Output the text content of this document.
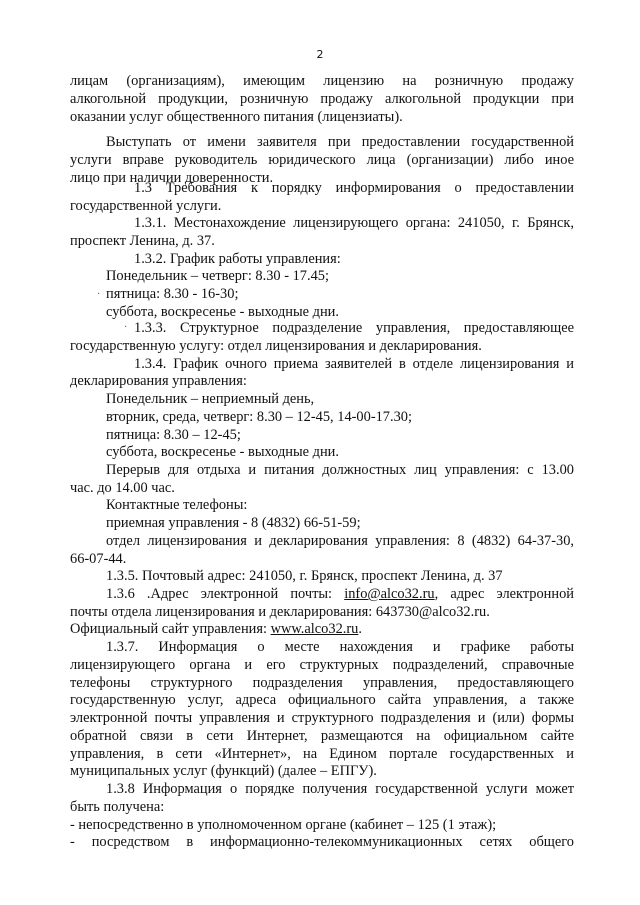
2

лицам (организациям), имеющим лицензию на розничную продажу

алкогольной продукции, розничную продажу алкогольной продукции при

оказании услуг общественного питания (лицензиаты).

Выступать от имени заявителя при предоставлении государственной

услуги вправе руководитель юридического лица (организации) либо иное

лицо при наличии доверенности.

1.3 Требования к порядку информирования о предоставлении

государственной услуги.

1.3.1. Местонахождение лицензирующего органа: 241050, г. Брянск,

проспект Ленина, д. 37.

1.3.2. График работы управления:

Понедельник – четверг: 8.30 - 17.45;

· пятница: 8.30 - 16-30;

суббота, воскресенье - выходные дни.

· 1.3.3. Структурное подразделение управления, предоставляющее

государственную услугу: отдел лицензирования и декларирования.

1.3.4. График очного приема заявителей в отделе лицензирования и

декларирования управления:

Понедельник – неприемный день,

вторник, среда, четверг: 8.30 – 12-45, 14-00-17.30;

пятница: 8.30 – 12-45;

суббота, воскресенье - выходные дни.

Перерыв для отдыха и питания должностных лиц управления: с 13.00

час. до 14.00 час.

Контактные телефоны:

приемная управления - 8 (4832) 66-51-59;

отдел лицензирования и декларирования управления: 8 (4832) 64-37-30,

66-07-44.

1.3.5. Почтовый адрес: 241050, г. Брянск, проспект Ленина, д. 37

1.3.6 .Адрес электронной почты: info@alco32.ru, адрес электронной

почты отдела лицензирования и декларирования: 643730@alco32.ru.

Официальный сайт управления: www.alco32.ru.

1.3.7. Информация о месте нахождения и графике работы

лицензирующего органа и его структурных подразделений, справочные

телефоны структурного подразделения управления, предоставляющего

государственную услуг, адреса официального сайта управления, а также

электронной почты управления и структурного подразделения и (или) формы

обратной связи в сети Интернет, размещаются на официальном сайте

управления, в сети «Интернет», на Едином портале государственных и

муниципальных услуг (функций) (далее – ЕПГУ).

1.3.8 Информация о порядке получения государственной услуги может

быть получена:

- непосредственно в уполномоченном органе (кабинет – 125 (1 этаж);

- посредством в информационно-телекоммуникационных сетях общего
